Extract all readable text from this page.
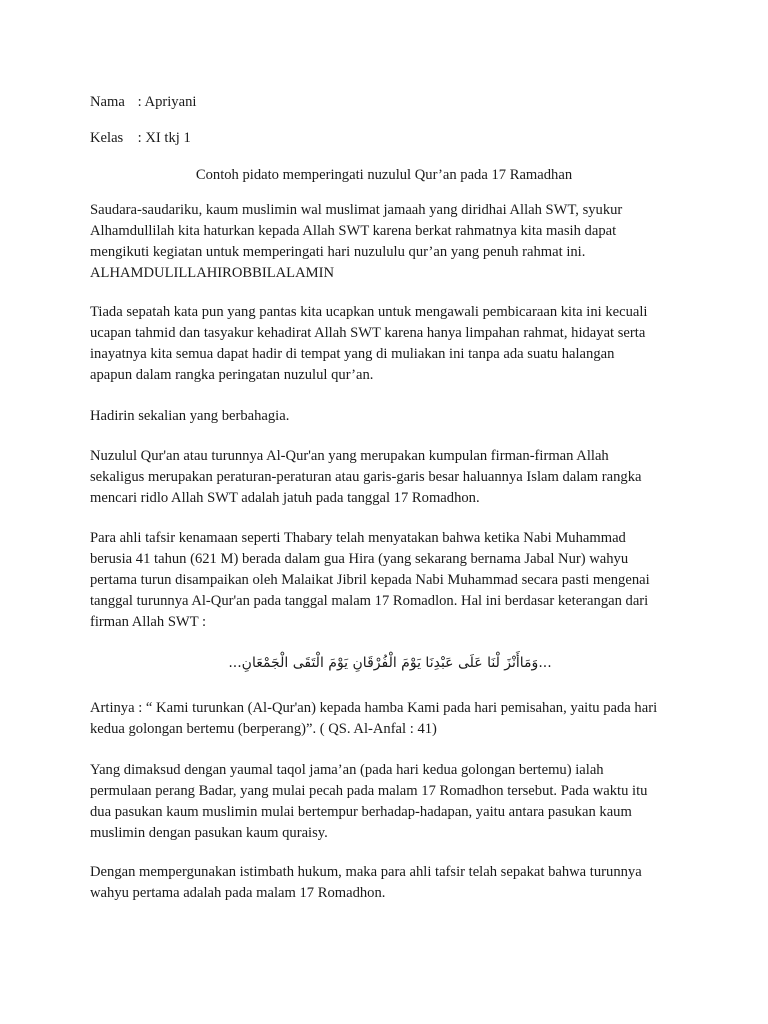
Nama : Apriyani
Kelas : XI tkj 1
Contoh pidato memperingati nuzulul Qur’an pada 17 Ramadhan

Saudara-saudariku, kaum muslimin wal muslimat jamaah yang diridhai Allah SWT, syukur
Alhamdullilah kita haturkan kepada Allah SWT karena berkat rahmatnya kita masih dapat
mengikuti kegiatan untuk memperingati hari nuzululu qur’an yang penuh rahmat ini.
ALHAMDULILLAHIROBBILALAMIN

Tiada sepatah kata pun yang pantas kita ucapkan untuk mengawali pembicaraan kita ini kecuali
ucapan tahmid dan tasyakur kehadirat Allah SWT karena hanya limpahan rahmat, hidayat serta
inayatnya kita semua dapat hadir di tempat yang di muliakan ini tanpa ada suatu halangan
apapun dalam rangka peringatan nuzulul qur’an.

Hadirin sekalian yang berbahagia.

Nuzulul Qur'an atau turunnya Al-Qur'an yang merupakan kumpulan firman-firman Allah
sekaligus merupakan peraturan-peraturan atau garis-garis besar haluannya Islam dalam rangka
mencari ridlo Allah SWT adalah jatuh pada tanggal 17 Romadhon.

Para ahli tafsir kenamaan seperti Thabary telah menyatakan bahwa ketika Nabi Muhammad
berusia 41 tahun (621 M) berada dalam gua Hira (yang sekarang bernama Jabal Nur) wahyu
pertama turun disampaikan oleh Malaikat Jibril kepada Nabi Muhammad secara pasti mengenai
tanggal turunnya Al-Qur'an pada tanggal malam 17 Romadlon. Hal ini berdasar keterangan dari
firman Allah SWT :

...وَمَاأَنْزَ لْنَا عَلَى عَبْدِنَا يَوْمَ الْفُرْقَانِ يَوْمَ الْتَقَى الْجَمْعَانِ...

Artinya : “ Kami turunkan (Al-Qur'an) kepada hamba Kami pada hari pemisahan, yaitu pada hari
kedua golongan bertemu (berperang)”. ( QS. Al-Anfal : 41)

Yang dimaksud dengan yaumal taqol jama’an (pada hari kedua golongan bertemu) ialah
permulaan perang Badar, yang mulai pecah pada malam 17 Romadhon tersebut. Pada waktu itu
dua pasukan kaum muslimin mulai bertempur berhadap-hadapan, yaitu antara pasukan kaum
muslimin dengan pasukan kaum quraisy.

Dengan mempergunakan istimbath hukum, maka para ahli tafsir telah sepakat bahwa turunnya
wahyu pertama adalah pada malam 17 Romadhon.
